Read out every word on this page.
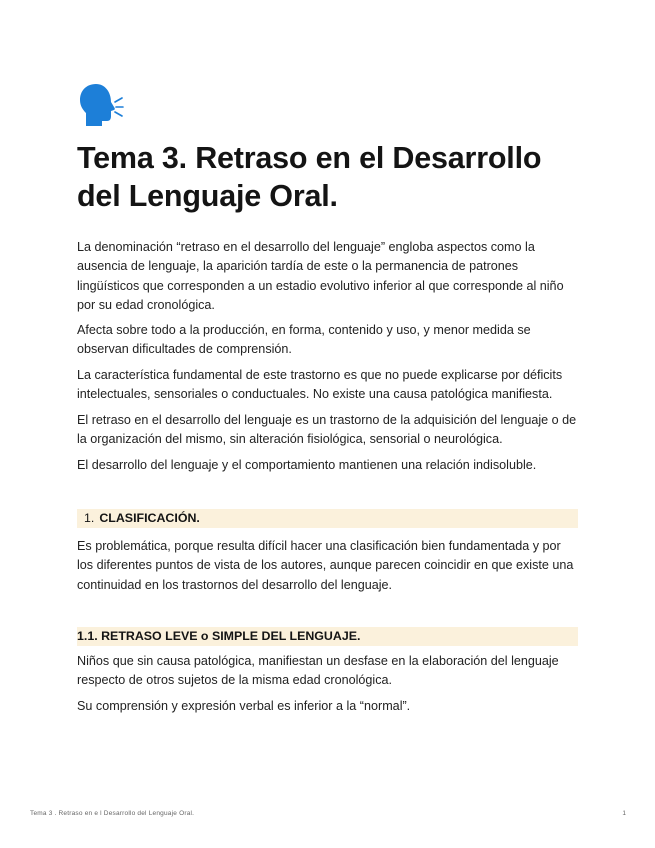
Tema 3. Retraso en el Desarrollo del Lenguaje Oral.

La denominación “retraso en el desarrollo del lenguaje” engloba aspectos como la ausencia de lenguaje, la aparición tardía de este o la permanencia de patrones lingüísticos que corresponden a un estadio evolutivo inferior al que corresponde al niño por su edad cronológica.

Afecta sobre todo a la producción, en forma, contenido y uso, y menor medida se observan dificultades de comprensión.

La característica fundamental de este trastorno es que no puede explicarse por déficits intelectuales, sensoriales o conductuales. No existe una causa patológica manifiesta.

El retraso en el desarrollo del lenguaje es un trastorno de la adquisición del lenguaje o de la organización del mismo, sin alteración fisiológica, sensorial o neurológica.

El desarrollo del lenguaje y el comportamiento mantienen una relación indisoluble.

1. CLASIFICACIÓN.

Es problemática, porque resulta difícil hacer una clasificación bien fundamentada y por los diferentes puntos de vista de los autores, aunque parecen coincidir en que existe una continuidad en los trastornos del desarrollo del lenguaje.

1.1. RETRASO LEVE o SIMPLE DEL LENGUAJE.

Niños que sin causa patológica, manifiestan un desfase en la elaboración del lenguaje respecto de otros sujetos de la misma edad cronológica.

Su comprensión y expresión verbal es inferior a la “normal”.

Tema 3 . Retraso en e l Desarrollo del Lenguaje Oral.	1
